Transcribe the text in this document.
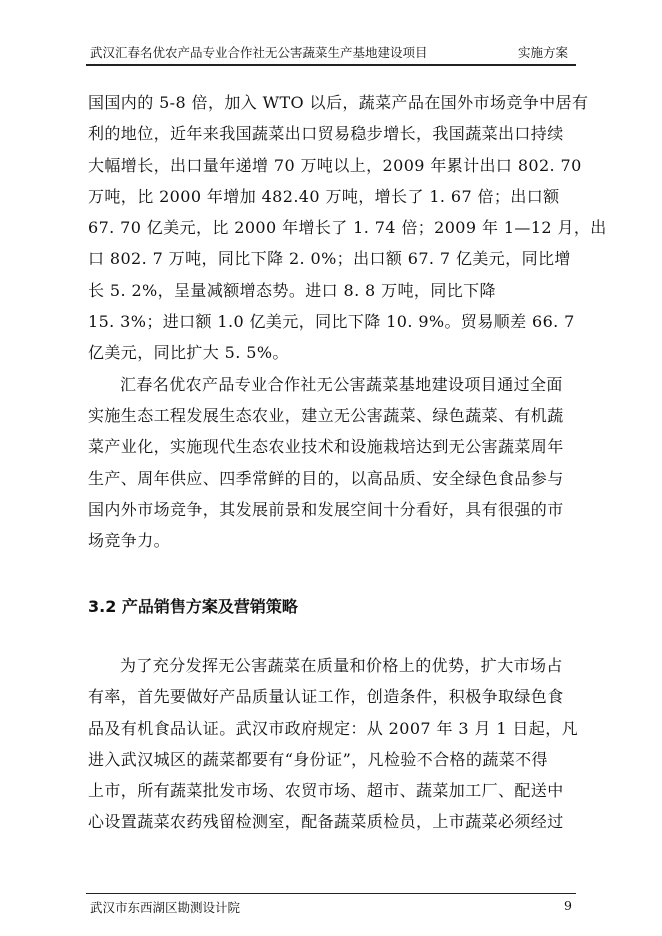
武汉汇春名优农产品专业合作社无公害蔬菜生产基地建设项目	实施方案
国国内的 5-8 倍，加入 WTO 以后，蔬菜产品在国外市场竞争中居有
利的地位，近年来我国蔬菜出口贸易稳步增长，我国蔬菜出口持续
大幅增长，出口量年递增 70 万吨以上，2009 年累计出口 802. 70
万吨，比 2000 年增加 482.40 万吨，增长了 1. 67 倍；出口额
67. 70 亿美元，比 2000 年增长了 1. 74 倍；2009 年 1—12 月，出
口 802. 7 万吨，同比下降 2. 0%；出口额 67. 7 亿美元，同比增
长 5. 2%，呈量减额增态势。进口 8. 8 万吨，同比下降
15. 3%；进口额 1.0 亿美元，同比下降 10. 9%。贸易顺差 66. 7
亿美元，同比扩大 5. 5%。
汇春名优农产品专业合作社无公害蔬菜基地建设项目通过全面
实施生态工程发展生态农业，建立无公害蔬菜、绿色蔬菜、有机蔬
菜产业化，实施现代生态农业技术和设施栽培达到无公害蔬菜周年
生产、周年供应、四季常鲜的目的，以高品质、安全绿色食品参与
国内外市场竞争，其发展前景和发展空间十分看好，具有很强的市
场竞争力。
3.2 产品销售方案及营销策略
为了充分发挥无公害蔬菜在质量和价格上的优势，扩大市场占
有率，首先要做好产品质量认证工作，创造条件，积极争取绿色食
品及有机食品认证。武汉市政府规定：从 2007 年 3 月 1 日起，凡
进入武汉城区的蔬菜都要有“身份证”，凡检验不合格的蔬菜不得
上市，所有蔬菜批发市场、农贸市场、超市、蔬菜加工厂、配送中
心设置蔬菜农药残留检测室，配备蔬菜质检员，上市蔬菜必须经过
武汉市东西湖区勘测设计院	9
